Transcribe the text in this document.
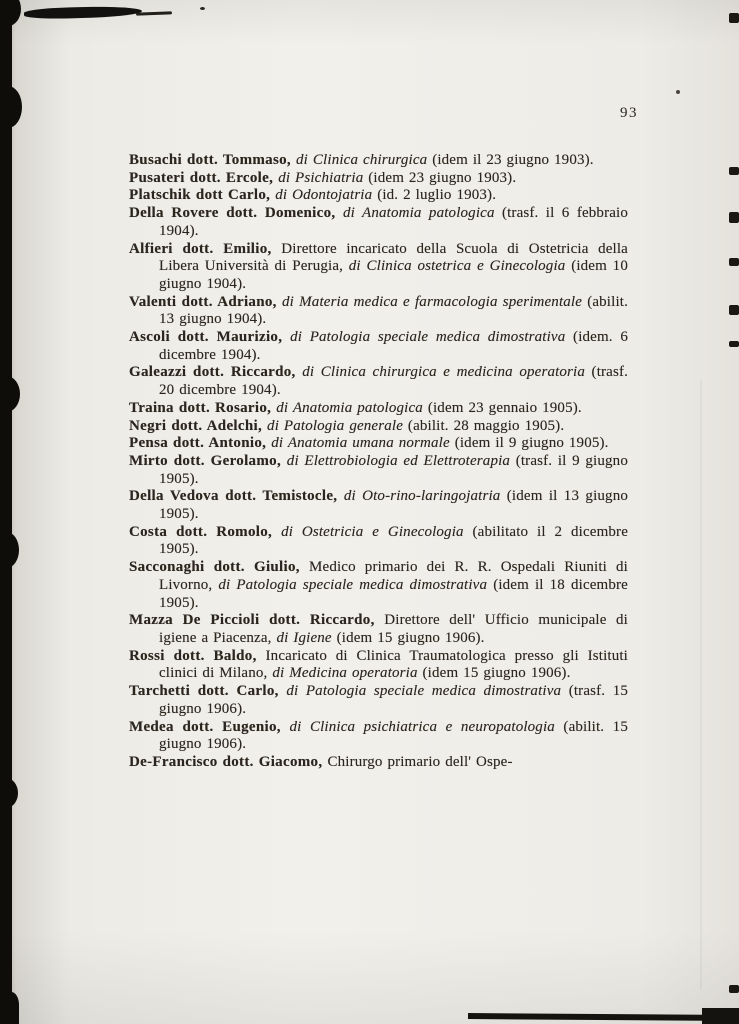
93

Busachi dott. Tommaso, di Clinica chirurgica (idem il 23 giugno 1903).

Pusateri dott. Ercole, di Psichiatria (idem 23 giugno 1903).

Platschik dott Carlo, di Odontojatria (id. 2 luglio 1903).

Della Rovere dott. Domenico, di Anatomia patologica (trasf. il 6 febbraio 1904).

Alfieri dott. Emilio, Direttore incaricato della Scuola di Ostetricia della Libera Università di Perugia, di Clinica ostetrica e Ginecologia (idem 10 giugno 1904).

Valenti dott. Adriano, di Materia medica e farmacologia sperimentale (abilit. 13 giugno 1904).

Ascoli dott. Maurizio, di Patologia speciale medica dimostrativa (idem. 6 dicembre 1904).

Galeazzi dott. Riccardo, di Clinica chirurgica e medicina operatoria (trasf. 20 dicembre 1904).

Traina dott. Rosario, di Anatomia patologica (idem 23 gennaio 1905).

Negri dott. Adelchi, di Patologia generale (abilit. 28 maggio 1905).

Pensa dott. Antonio, di Anatomia umana normale (idem il 9 giugno 1905).

Mirto dott. Gerolamo, di Elettrobiologia ed Elettroterapia (trasf. il 9 giugno 1905).

Della Vedova dott. Temistocle, di Oto-rino-laringojatria (idem il 13 giugno 1905).

Costa dott. Romolo, di Ostetricia e Ginecologia (abilitato il 2 dicembre 1905).

Sacconaghi dott. Giulio, Medico primario dei R. R. Ospedali Riuniti di Livorno, di Patologia speciale medica dimostrativa (idem il 18 dicembre 1905).

Mazza De Piccioli dott. Riccardo, Direttore dell' Ufficio municipale di igiene a Piacenza, di Igiene (idem 15 giugno 1906).

Rossi dott. Baldo, Incaricato di Clinica Traumatologica presso gli Istituti clinici di Milano, di Medicina operatoria (idem 15 giugno 1906).

Tarchetti dott. Carlo, di Patologia speciale medica dimostrativa (trasf. 15 giugno 1906).

Medea dott. Eugenio, di Clinica psichiatrica e neuropatologia (abilit. 15 giugno 1906).

De-Francisco dott. Giacomo, Chirurgo primario dell' Ospe-
